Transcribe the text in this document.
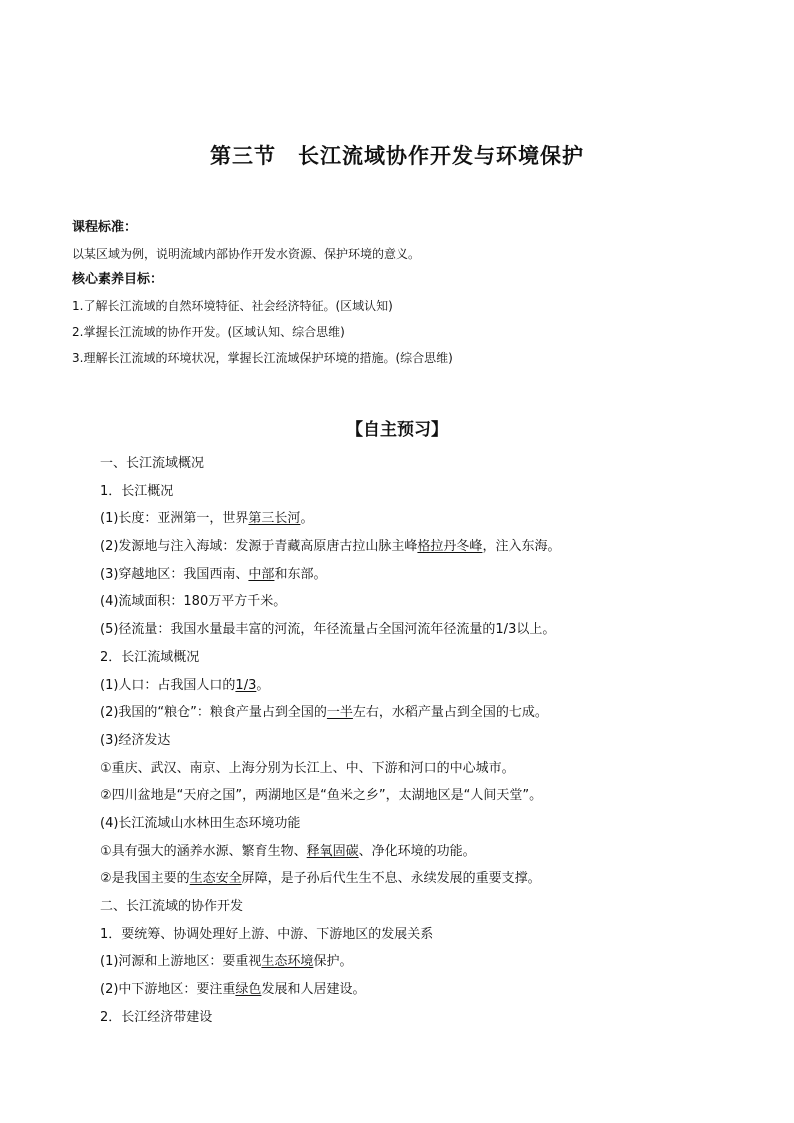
第三节　长江流域协作开发与环境保护
课程标准：
以某区域为例，说明流域内部协作开发水资源、保护环境的意义。
核心素养目标：
1.了解长江流域的自然环境特征、社会经济特征。(区域认知)
2.掌握长江流域的协作开发。(区域认知、综合思维)
3.理解长江流域的环境状况，掌握长江流域保护环境的措施。(综合思维)
【自主预习】
一、长江流域概况
1．长江概况
(1)长度：亚洲第一，世界第三长河。
(2)发源地与注入海域：发源于青藏高原唐古拉山脉主峰格拉丹冬峰，注入东海。
(3)穿越地区：我国西南、中部和东部。
(4)流域面积：180万平方千米。
(5)径流量：我国水量最丰富的河流，年径流量占全国河流年径流量的1/3以上。
2．长江流域概况
(1)人口：占我国人口的1/3。
(2)我国的“粮仓”：粮食产量占到全国的一半左右，水稻产量占到全国的七成。
(3)经济发达
①重庆、武汉、南京、上海分别为长江上、中、下游和河口的中心城市。
②四川盆地是“天府之国”，两湖地区是“鱼米之乡”，太湖地区是“人间天堂”。
(4)长江流域山水林田生态环境功能
①具有强大的涵养水源、繁育生物、释氧固碳、净化环境的功能。
②是我国主要的生态安全屏障，是子孙后代生生不息、永续发展的重要支撑。
二、长江流域的协作开发
1．要统筹、协调处理好上游、中游、下游地区的发展关系
(1)河源和上游地区：要重视生态环境保护。
(2)中下游地区：要注重绿色发展和人居建设。
2．长江经济带建设
